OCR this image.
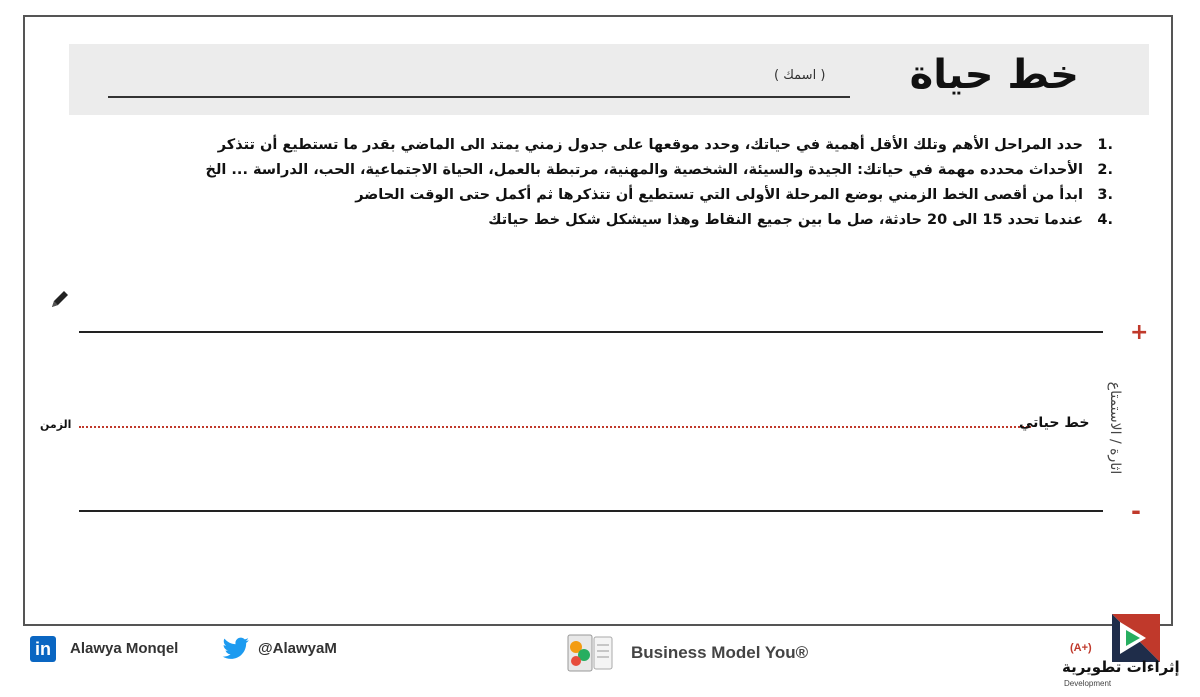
خط حياة
( اسمك )
1.
حدد المراحل الأهم وتلك الأقل أهمية في حياتك، وحدد موقعها على جدول زمني يمتد الى الماضي بقدر ما تستطيع أن تتذكر
2.
الأحداث محدده مهمة في حياتك: الجيدة والسيئة، الشخصية والمهنية، مرتبطة بالعمل، الحياة الاجتماعية، الحب، الدراسة ... الخ
3.
ابدأ من أقصى الخط الزمني بوضع المرحلة الأولى التي تستطيع أن تتذكرها ثم أكمل حتى الوقت الحاضر
4.
عندما تحدد 15 الى 20 حادثة، صل ما بين جميع النقاط وهذا سيشكل شكل خط حياتك
الزمن	خط حياتي
+
-
اثارة / الاستمتاع
in	Alawya Monqel	@AlawyaM	Business Model You®	(A+)
إثراءات تطويرية
Development
